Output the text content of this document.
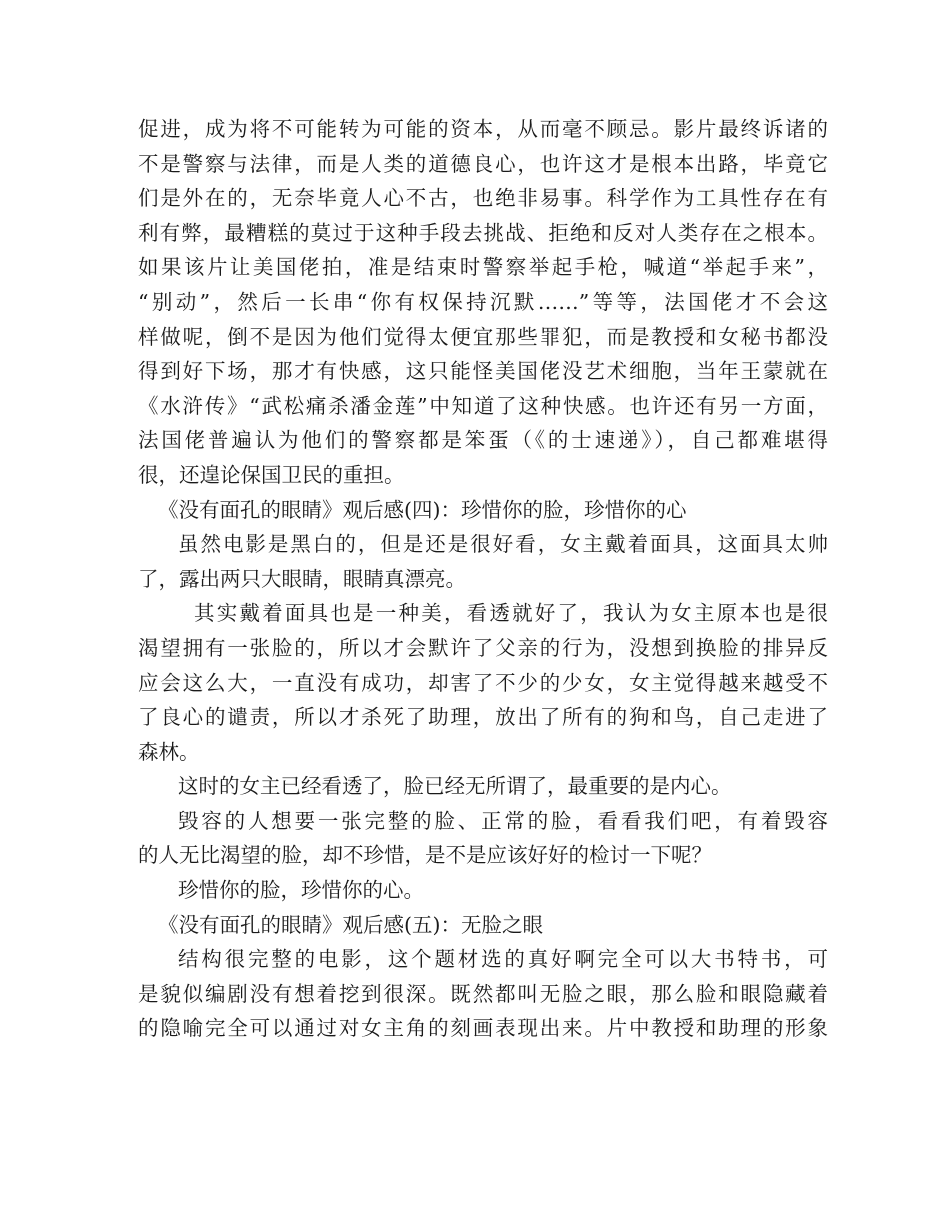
促进，成为将不可能转为可能的资本，从而毫不顾忌。影片最终诉诸的
不是警察与法律，而是人类的道德良心，也许这才是根本出路，毕竟它
们是外在的，无奈毕竟人心不古，也绝非易事。科学作为工具性存在有
利有弊，最糟糕的莫过于这种手段去挑战、拒绝和反对人类存在之根本。
如果该片让美国佬拍，准是结束时警察举起手枪，喊道“举起手来”，
“别动”，然后一长串“你有权保持沉默……”等等，法国佬才不会这
样做呢，倒不是因为他们觉得太便宜那些罪犯，而是教授和女秘书都没
得到好下场，那才有快感，这只能怪美国佬没艺术细胞，当年王蒙就在
《水浒传》“武松痛杀潘金莲”中知道了这种快感。也许还有另一方面，
法国佬普遍认为他们的警察都是笨蛋（《的士速递》），自己都难堪得
很，还遑论保国卫民的重担。
《没有面孔的眼睛》观后感(四)：珍惜你的脸，珍惜你的心
虽然电影是黑白的，但是还是很好看，女主戴着面具，这面具太帅
了，露出两只大眼睛，眼睛真漂亮。
其实戴着面具也是一种美，看透就好了，我认为女主原本也是很
渴望拥有一张脸的，所以才会默许了父亲的行为，没想到换脸的排异反
应会这么大，一直没有成功，却害了不少的少女，女主觉得越来越受不
了良心的谴责，所以才杀死了助理，放出了所有的狗和鸟，自己走进了
森林。
这时的女主已经看透了，脸已经无所谓了，最重要的是内心。
毁容的人想要一张完整的脸、正常的脸，看看我们吧，有着毁容
的人无比渴望的脸，却不珍惜，是不是应该好好的检讨一下呢？
珍惜你的脸，珍惜你的心。
《没有面孔的眼睛》观后感(五)：无脸之眼
结构很完整的电影，这个题材选的真好啊完全可以大书特书，可
是貌似编剧没有想着挖到很深。既然都叫无脸之眼，那么脸和眼隐藏着
的隐喻完全可以通过对女主角的刻画表现出来。片中教授和助理的形象
